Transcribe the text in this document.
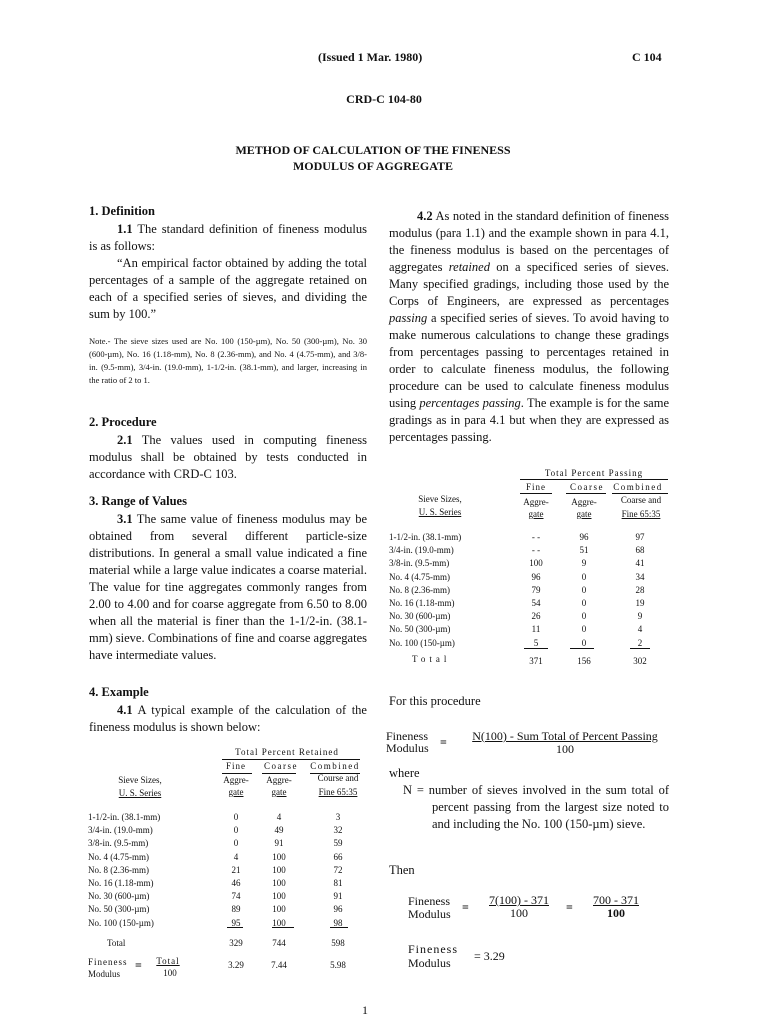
(Issued 1 Mar. 1980)	C 104
CRD-C 104-80
METHOD OF CALCULATION OF THE FINENESS
MODULUS OF AGGREGATE
1. Definition

1.1 The standard definition of fineness modulus is as follows:

“An empirical factor obtained by adding the total percentages of a sample of the aggregate retained on each of a specified series of sieves, and dividing the sum by 100.”

Note.- The sieve sizes used are No. 100 (150-µm), No. 50 (300-µm), No. 30 (600-µm), No. 16 (1.18-mm), No. 8 (2.36-mm), and No. 4 (4.75-mm), and 3/8-in. (9.5-mm), 3/4-in. (19.0-mm), 1-1/2-in. (38.1-mm), and larger, increasing in the ratio of 2 to 1.

2. Procedure

2.1 The values used in computing fineness modulus shall be obtained by tests conducted in accordance with CRD-C 103.

3. Range of Values

3.1 The same value of fineness modulus may be obtained from several different particle-size distributions. In general a small value indicated a fine material while a large value indicates a coarse material. The value for tine aggregates commonly ranges from 2.00 to 4.00 and for coarse aggregate from 6.50 to 8.00 when all the material is finer than the 1-1/2-in. (38.1-mm) sieve. Combinations of fine and coarse aggregates have intermediate values.

4. Example

4.1 A typical example of the calculation of the fineness modulus is shown below:

Total Percent Retained
Fine	Coarse	Combined
Sieve Sizes,	Aggre-	Aggre-	Course and
U. S. Series	gate	gate	Fine 65:35
1-1/2-in. (38.1-mm)	0	4	3
3/4-in. (19.0-mm)	0	49	32
3/8-in. (9.5-mm)	0	91	59
No. 4 (4.75-mm)	4	100	66
No. 8 (2.36-mm)	21	100	72
No. 16 (1.18-mm)	46	100	81
No. 30 (600-µm)	74	100	91
No. 50 (300-µm)	89	100	96
No. 100 (150-µm)	95	100	98
Total	329	744	598
Fineness
Modulus
=	Total
100
3.29	7.44	5.98

4.2 As noted in the standard definition of fineness modulus (para 1.1) and the example shown in para 4.1, the fineness modulus is based on the percentages of aggregates retained on a specificed series of sieves. Many specified gradings, including those used by the Corps of Engineers, are expressed as percentages passing a specified series of sieves. To avoid having to make numerous calculations to change these gradings from percentages passing to percentages retained in order to calculate fineness modulus, the following procedure can be used to calculate fineness modulus using percentages passing. The example is for the same gradings as in para 4.1 but when they are expressed as percentages passing.

Total Percent Passing
Fine	Coarse	Combined
Sieve Sizes,	Aggre-	Aggre-	Coarse and
U. S. Series	gate	gate	Fine 65:35
1-1/2-in. (38.1-mm)	- -	96	97
3/4-in. (19.0-mm)	- -	51	68
3/8-in. (9.5-mm)	100	9	41
No. 4 (4.75-mm)	96	0	34
No. 8 (2.36-mm)	79	0	28
No. 16 (1.18-mm)	54	0	19
No. 30 (600-µm)	26	0	9
No. 50 (300-µm)	11	0	4
No. 100 (150-µm)	5	0	2
Total	371	156	302
For this procedure
Fineness
Modulus =	N(100) - Sum Total of Percent Passing
100
where
N = number of sieves involved in the sum total of percent passing from the largest size noted to and including the No. 100 (150-µm) sieve.
Then
Fineness
Modulus = $\frac{7(100) - 371}{100} = \frac{700 - 371}{100}$
Fineness
Modulus	= 3.29
1
